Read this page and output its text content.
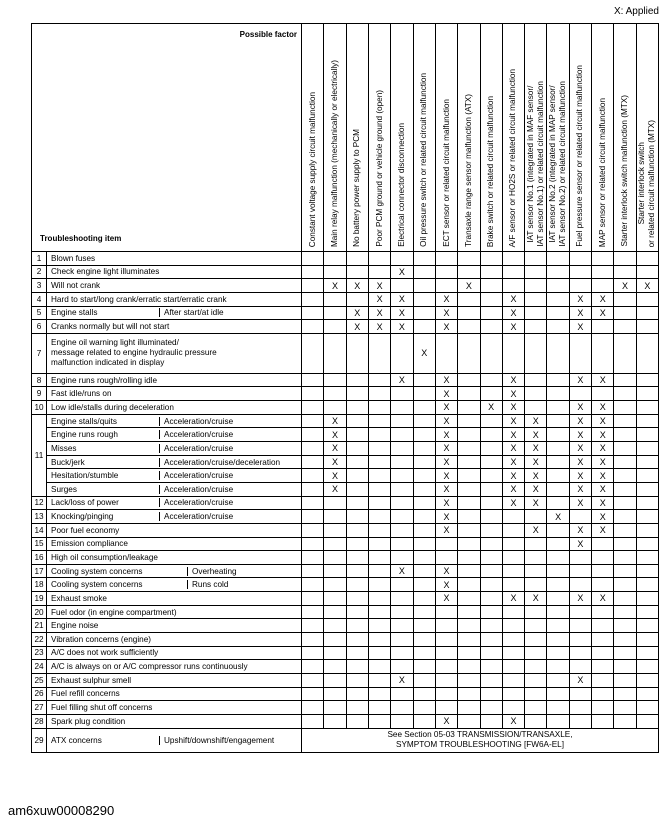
X: Applied
Possible factor
Troubleshooting item		Constant voltage supply circuit malfunction	Main relay malfunction (mechanically or electrically)	No battery power supply to PCM	Poor PCM ground or vehicle ground (open)	Electrical connector disconnection	Oil pressure switch or related circuit malfunction	ECT sensor or related circuit malfunction	Transaxle range sensor malfunction (ATX)	Brake switch or related circuit malfunction	A/F sensor or HO2S or related circuit malfunction	IAT sensor No.1 (integrated in MAF sensor/
IAT sensor No.1) or related circuit malfunction	IAT sensor No.2 (integrated in MAP sensor/
IAT sensor No.2) or related circuit malfunction	Fuel pressure sensor or related circuit malfunction	MAP sensor or related circuit malfunction	Starter interlock switch malfunction (MTX)	Starter interlock switch
or related circuit malfunction (MTX)

1	Blown fuses																
2	Check engine light illuminates					X											
3	Will not crank		X	X	X				X							X	X
4	Hard to start/long crank/erratic start/erratic crank				X	X		X			X			X	X		
5	Engine stalls After start/at idle			X	X	X		X			X			X	X		
6	Cranks normally but will not start			X	X	X		X			X			X			
7	Engine oil warning light illuminated/
message related to engine hydraulic pressure
malfunction indicated in display						X										
8	Engine runs rough/rolling idle					X		X			X			X	X		
9	Fast idle/runs on							X			X						
10	Low idle/stalls during deceleration							X		X	X			X	X		
11	Engine stalls/quits Acceleration/cruise		X					X			X	X		X	X		

	Engine runs rough Acceleration/cruise		X					X			X	X		X	X		

	Misses Acceleration/cruise		X					X			X	X		X	X		

	Buck/jerk Acceleration/cruise/deceleration		X					X			X	X		X	X		

	Hesitation/stumble Acceleration/cruise		X					X			X	X		X	X		

	Surges Acceleration/cruise		X					X			X	X		X	X		
12	Lack/loss of power Acceleration/cruise							X			X	X		X	X		
13	Knocking/pinging Acceleration/cruise							X					X		X		
14	Poor fuel economy							X				X		X	X		
15	Emission compliance													X			
16	High oil consumption/leakage																
17	Cooling system concerns Overheating					X		X									
18	Cooling system concerns Runs cold							X									
19	Exhaust smoke							X			X	X		X	X		
20	Fuel odor (in engine compartment)																
21	Engine noise																
22	Vibration concerns (engine)																
23	A/C does not work sufficiently																
24	A/C is always on or A/C compressor runs continuously																
25	Exhaust sulphur smell					X								X			
26	Fuel refill concerns																
27	Fuel filling shut off concerns																
28	Spark plug condition							X			X						
29	ATX concerns Upshift/downshift/engagement	See Section 05-03 TRANSMISSION/TRANSAXLE,
SYMPTOM TROUBLESHOOTING [FW6A-EL]															
am6xuw00008290
